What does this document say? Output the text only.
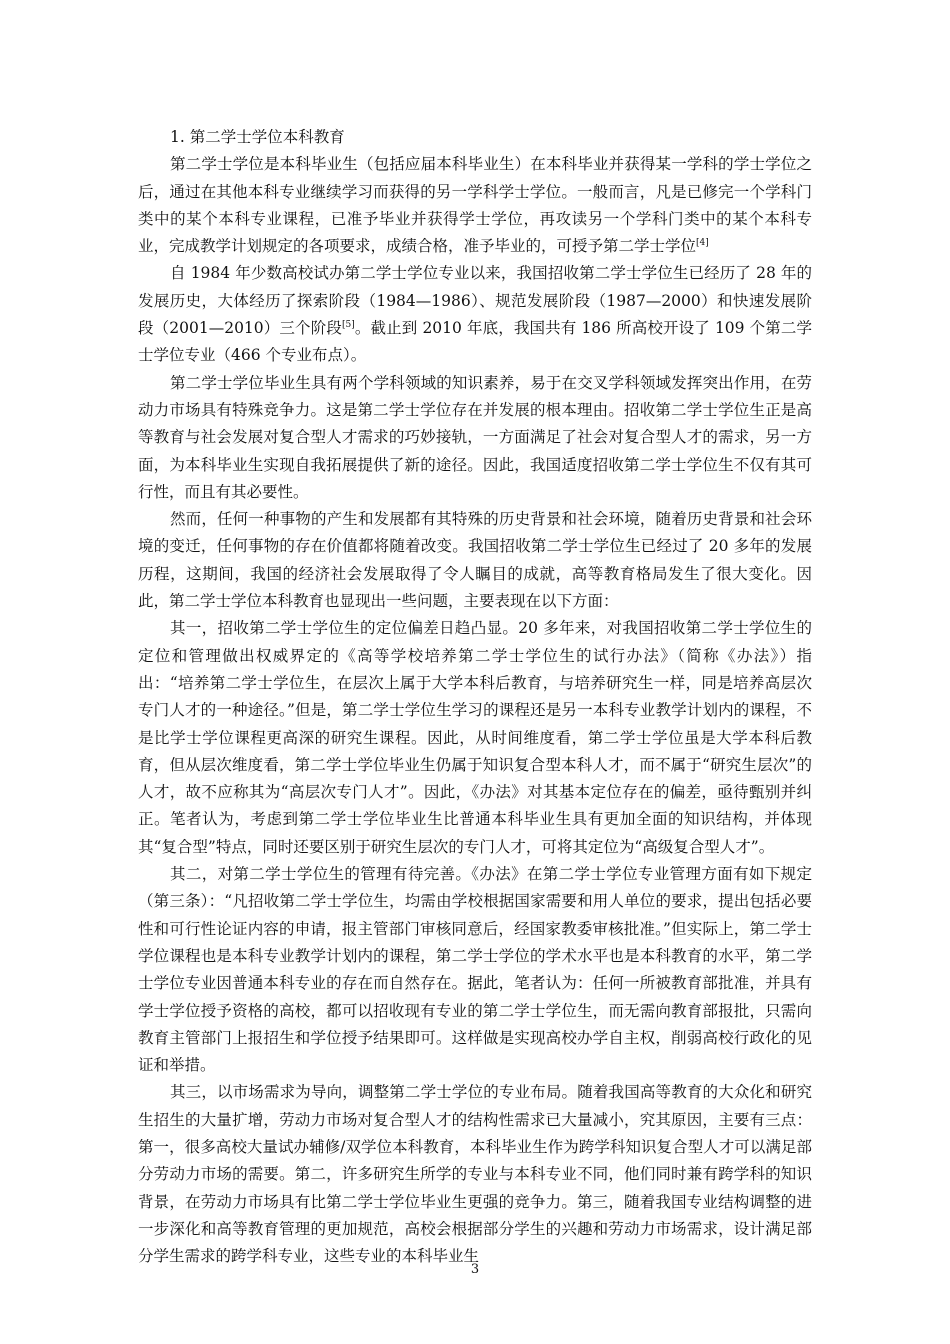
1. 第二学士学位本科教育

第二学士学位是本科毕业生（包括应届本科毕业生）在本科毕业并获得某一学科的学士学位之后，通过在其他本科专业继续学习而获得的另一学科学士学位。一般而言，凡是已修完一个学科门类中的某个本科专业课程，已准予毕业并获得学士学位，再攻读另一个学科门类中的某个本科专业，完成教学计划规定的各项要求，成绩合格，准予毕业的，可授予第二学士学位[4]

自 1984 年少数高校试办第二学士学位专业以来，我国招收第二学士学位生已经历了 28 年的发展历史，大体经历了探索阶段（1984—1986）、规范发展阶段（1987—2000）和快速发展阶段（2001—2010）三个阶段[5]。截止到 2010 年底，我国共有 186 所高校开设了 109 个第二学士学位专业（466 个专业布点）。

第二学士学位毕业生具有两个学科领域的知识素养，易于在交叉学科领域发挥突出作用，在劳动力市场具有特殊竞争力。这是第二学士学位存在并发展的根本理由。招收第二学士学位生正是高等教育与社会发展对复合型人才需求的巧妙接轨，一方面满足了社会对复合型人才的需求，另一方面，为本科毕业生实现自我拓展提供了新的途径。因此，我国适度招收第二学士学位生不仅有其可行性，而且有其必要性。

然而，任何一种事物的产生和发展都有其特殊的历史背景和社会环境，随着历史背景和社会环境的变迁，任何事物的存在价值都将随着改变。我国招收第二学士学位生已经过了 20 多年的发展历程，这期间，我国的经济社会发展取得了令人瞩目的成就，高等教育格局发生了很大变化。因此，第二学士学位本科教育也显现出一些问题，主要表现在以下方面：

其一，招收第二学士学位生的定位偏差日趋凸显。20 多年来，对我国招收第二学士学位生的定位和管理做出权威界定的《高等学校培养第二学士学位生的试行办法》（简称《办法》）指出：“培养第二学士学位生，在层次上属于大学本科后教育，与培养研究生一样，同是培养高层次专门人才的一种途径。”但是，第二学士学位生学习的课程还是另一本科专业教学计划内的课程，不是比学士学位课程更高深的研究生课程。因此，从时间维度看，第二学士学位虽是大学本科后教育，但从层次维度看，第二学士学位毕业生仍属于知识复合型本科人才，而不属于“研究生层次”的人才，故不应称其为“高层次专门人才”。因此，《办法》对其基本定位存在的偏差，亟待甄别并纠正。笔者认为，考虑到第二学士学位毕业生比普通本科毕业生具有更加全面的知识结构，并体现其“复合型”特点，同时还要区别于研究生层次的专门人才，可将其定位为“高级复合型人才”。

其二，对第二学士学位生的管理有待完善。《办法》在第二学士学位专业管理方面有如下规定（第三条）：“凡招收第二学士学位生，均需由学校根据国家需要和用人单位的要求，提出包括必要性和可行性论证内容的申请，报主管部门审核同意后，经国家教委审核批准。”但实际上，第二学士学位课程也是本科专业教学计划内的课程，第二学士学位的学术水平也是本科教育的水平，第二学士学位专业因普通本科专业的存在而自然存在。据此，笔者认为：任何一所被教育部批准，并具有学士学位授予资格的高校，都可以招收现有专业的第二学士学位生，而无需向教育部报批，只需向教育主管部门上报招生和学位授予结果即可。这样做是实现高校办学自主权，削弱高校行政化的见证和举措。

其三，以市场需求为导向，调整第二学士学位的专业布局。随着我国高等教育的大众化和研究生招生的大量扩增，劳动力市场对复合型人才的结构性需求已大量减小，究其原因，主要有三点：第一，很多高校大量试办辅修/双学位本科教育，本科毕业生作为跨学科知识复合型人才可以满足部分劳动力市场的需要。第二，许多研究生所学的专业与本科专业不同，他们同时兼有跨学科的知识背景，在劳动力市场具有比第二学士学位毕业生更强的竞争力。第三，随着我国专业结构调整的进一步深化和高等教育管理的更加规范，高校会根据部分学生的兴趣和劳动力市场需求，设计满足部分学生需求的跨学科专业，这些专业的本科毕业生

3
